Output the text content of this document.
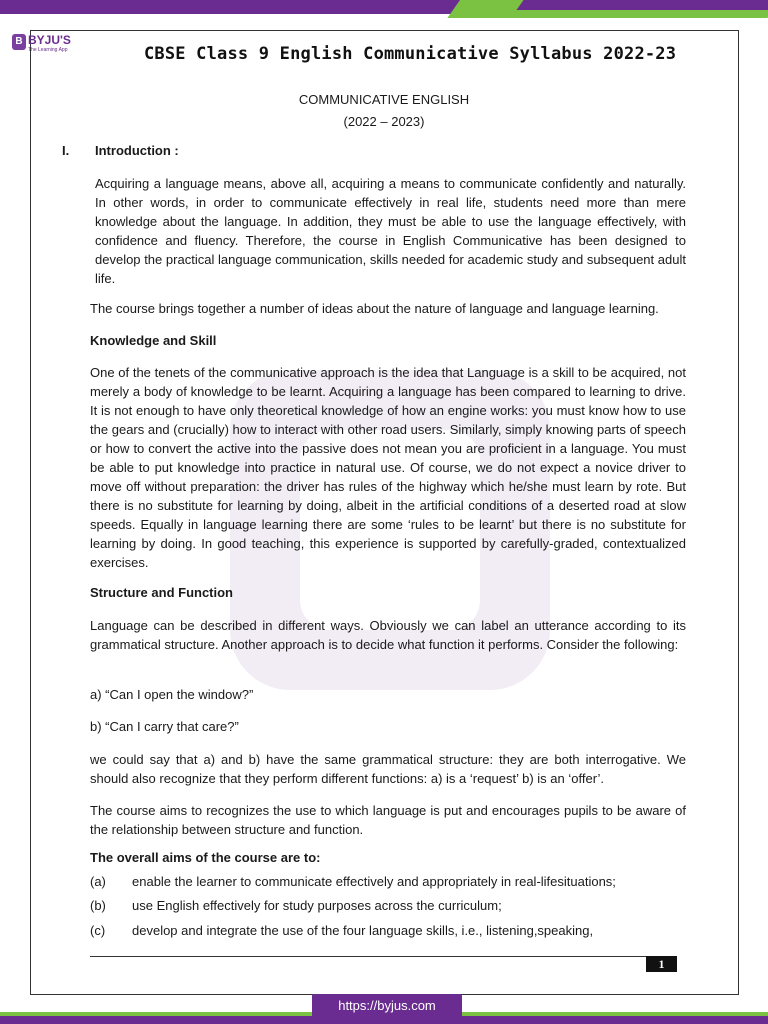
B BYJU'S
The Learning App	CBSE Class 9 English Communicative Syllabus 2022-23
COMMUNICATIVE ENGLISH
(2022 – 2023)
I. Introduction :
Acquiring a language means, above all, acquiring a means to communicate confidently and naturally. In other words, in order to communicate effectively in real life, students need more than mere knowledge about the language. In addition, they must be able to use the language effectively, with confidence and fluency. Therefore, the course in English Communicative has been designed to develop the practical language communication, skills needed for academic study and subsequent adult life.
The course brings together a number of ideas about the nature of language and language learning.
Knowledge and Skill
One of the tenets of the communicative approach is the idea that Language is a skill to be acquired, not merely a body of knowledge to be learnt. Acquiring a language has been compared to learning to drive. It is not enough to have only theoretical knowledge of how an engine works: you must know how to use the gears and (crucially) how to interact with other road users. Similarly, simply knowing parts of speech or how to convert the active into the passive does not mean you are proficient in a language. You must be able to put knowledge into practice in natural use. Of course, we do not expect a novice driver to move off without preparation: the driver has rules of the highway which he/she must learn by rote. But there is no substitute for learning by doing, albeit in the artificial conditions of a deserted road at slow speeds. Equally in language learning there are some ‘rules to be learnt’ but there is no substitute for learning by doing. In good teaching, this experience is supported by carefully-graded, contextualized exercises.
Structure and Function
Language can be described in different ways. Obviously we can label an utterance according to its grammatical structure. Another approach is to decide what function it performs. Consider the following:
a) “Can I open the window?”
b) “Can I carry that care?”
we could say that a) and b) have the same grammatical structure: they are both interrogative. We should also recognize that they perform different functions: a) is a ‘request’ b) is an ‘offer’.
The course aims to recognizes the use to which language is put and encourages pupils to be aware of the relationship between structure and function.
The overall aims of the course are to:
(a)	enable the learner to communicate effectively and appropriately in real-lifesituations;
(b)	use English effectively for study purposes across the curriculum;
(c)	develop and integrate the use of the four language skills, i.e., listening,speaking,
1
https://byjus.com
